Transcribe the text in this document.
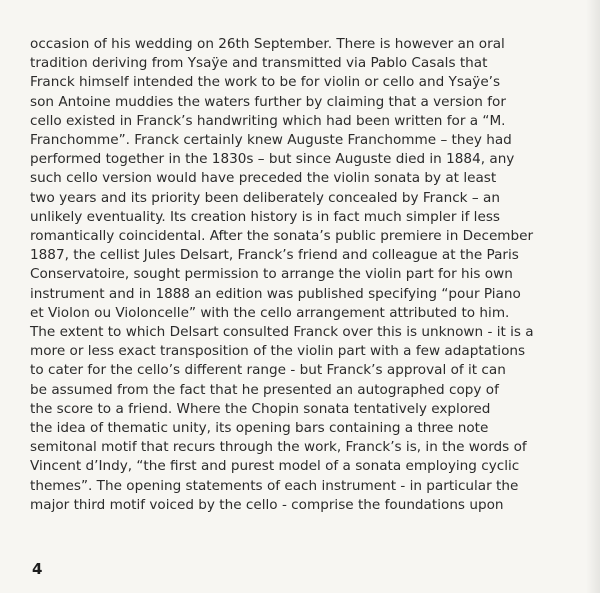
occasion of his wedding on 26th September. There is however an oral
tradition deriving from Ysaÿe and transmitted via Pablo Casals that
Franck himself intended the work to be for violin or cello and Ysaÿe’s
son Antoine muddies the waters further by claiming that a version for
cello existed in Franck’s handwriting which had been written for a “M.
Franchomme”. Franck certainly knew Auguste Franchomme – they had
performed together in the 1830s – but since Auguste died in 1884, any
such cello version would have preceded the violin sonata by at least
two years and its priority been deliberately concealed by Franck – an
unlikely eventuality. Its creation history is in fact much simpler if less
romantically coincidental. After the sonata’s public premiere in December
1887, the cellist Jules Delsart, Franck’s friend and colleague at the Paris
Conservatoire, sought permission to arrange the violin part for his own
instrument and in 1888 an edition was published specifying “pour Piano
et Violon ou Violoncelle” with the cello arrangement attributed to him.
The extent to which Delsart consulted Franck over this is unknown - it is a
more or less exact transposition of the violin part with a few adaptations
to cater for the cello’s different range - but Franck’s approval of it can
be assumed from the fact that he presented an autographed copy of
the score to a friend. Where the Chopin sonata tentatively explored
the idea of thematic unity, its opening bars containing a three note
semitonal motif that recurs through the work, Franck’s is, in the words of
Vincent d’Indy, “the first and purest model of a sonata employing cyclic
themes”. The opening statements of each instrument - in particular the
major third motif voiced by the cello - comprise the foundations upon
4
